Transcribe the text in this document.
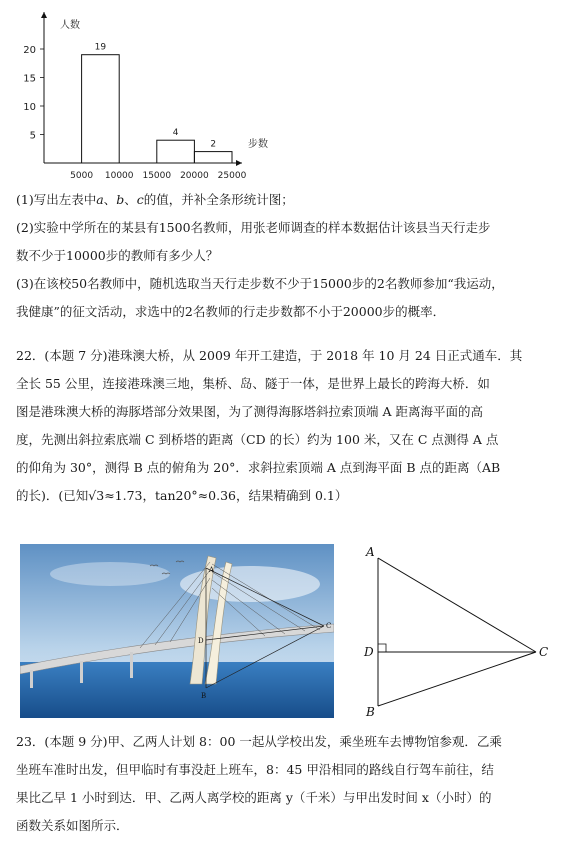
5
10
15
20
5000 10000 15000 20000 25000
19
4
2
人数
步数

(1)写出左表中a、b、c的值，并补全条形统计图；

(2)实验中学所在的某县有1500名教师，用张老师调查的样本数据估计该县当天行走步

数不少于10000步的教师有多少人？

(3)在该校50名教师中，随机选取当天行走步数不少于15000步的2名教师参加“我运动，

我健康”的征文活动，求选中的2名教师的行走步数都不小于20000步的概率．

22．(本题 7 分)港珠澳大桥，从 2009 年开工建造，于 2018 年 10 月 24 日正式通车．其

全长 55 公里，连接港珠澳三地，集桥、岛、隧于一体，是世界上最长的跨海大桥．如

图是港珠澳大桥的海豚塔部分效果图，为了测得海豚塔斜拉索顶端 A 距离海平面的高

度，先测出斜拉索底端 C 到桥塔的距离（CD 的长）约为 100 米，又在 C 点测得 A 点

的仰角为 30°，测得 B 点的俯角为 20°．求斜拉索顶端 A 点到海平面 B 点的距离（AB

的长)．(已知√3≈1.73，tan20°≈0.36，结果精确到 0.1）

A
D
B
C
A
D
B
C

23．(本题 9 分)甲、乙两人计划 8：00 一起从学校出发，乘坐班车去博物馆参观．乙乘

坐班车准时出发，但甲临时有事没赶上班车，8：45 甲沿相同的路线自行驾车前往，结

果比乙早 1 小时到达．甲、乙两人离学校的距离 y（千米）与甲出发时间 x（小时）的

函数关系如图所示．
